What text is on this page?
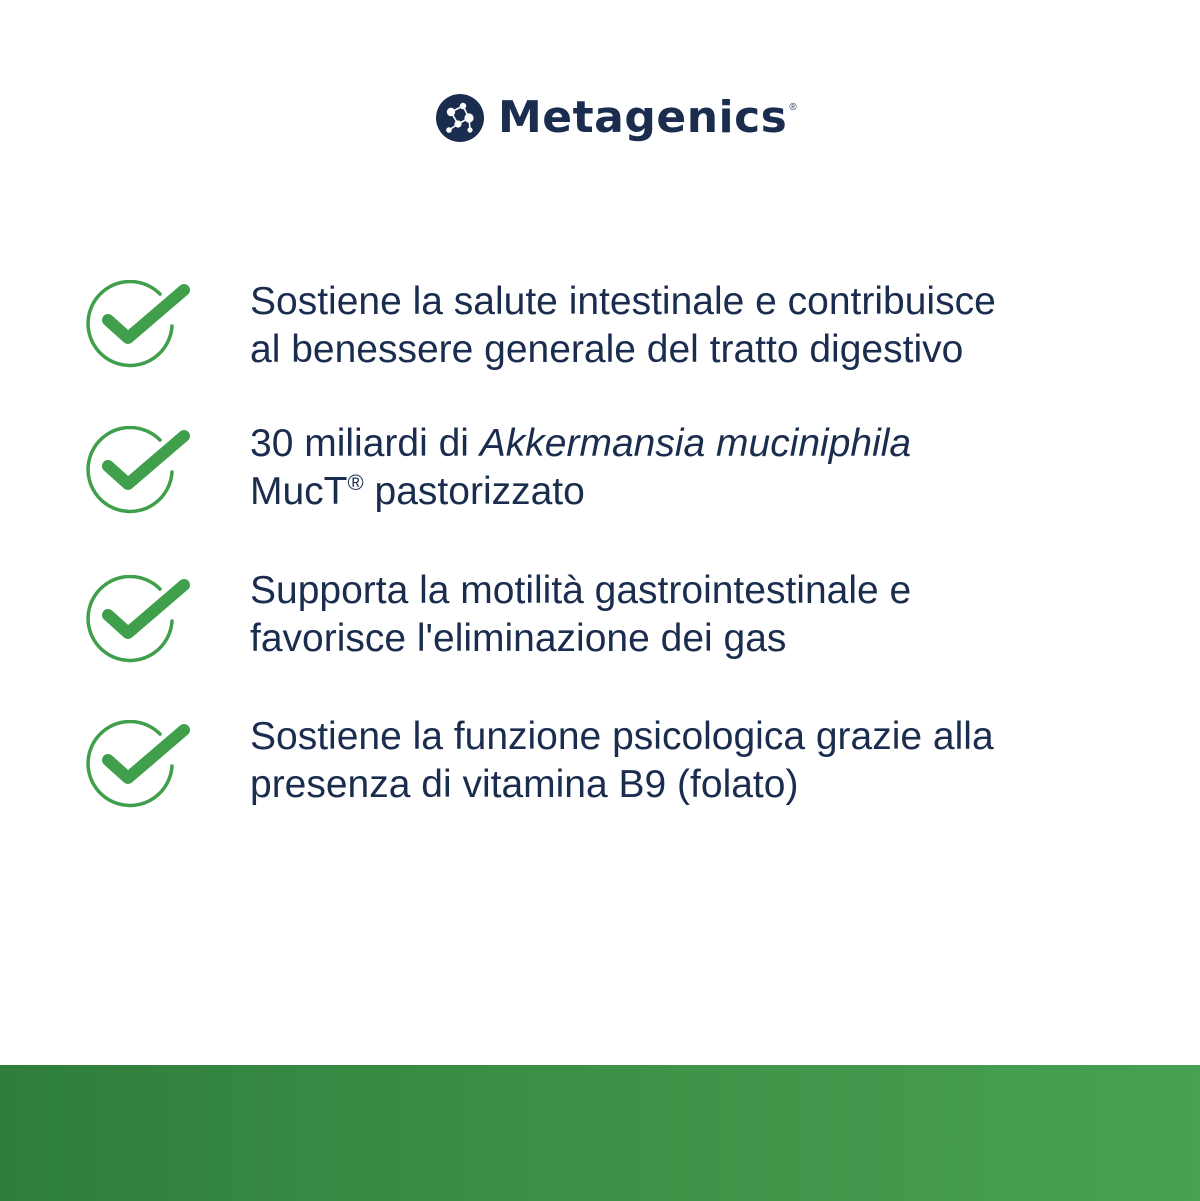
Metagenics ®

Sostiene la salute intestinale e contribuisce

al benessere generale del tratto digestivo

30 miliardi di Akkermansia muciniphila

MucT® pastorizzato

Supporta la motilità gastrointestinale e

favorisce l'eliminazione dei gas

Sostiene la funzione psicologica grazie alla

presenza di vitamina B9 (folato)
